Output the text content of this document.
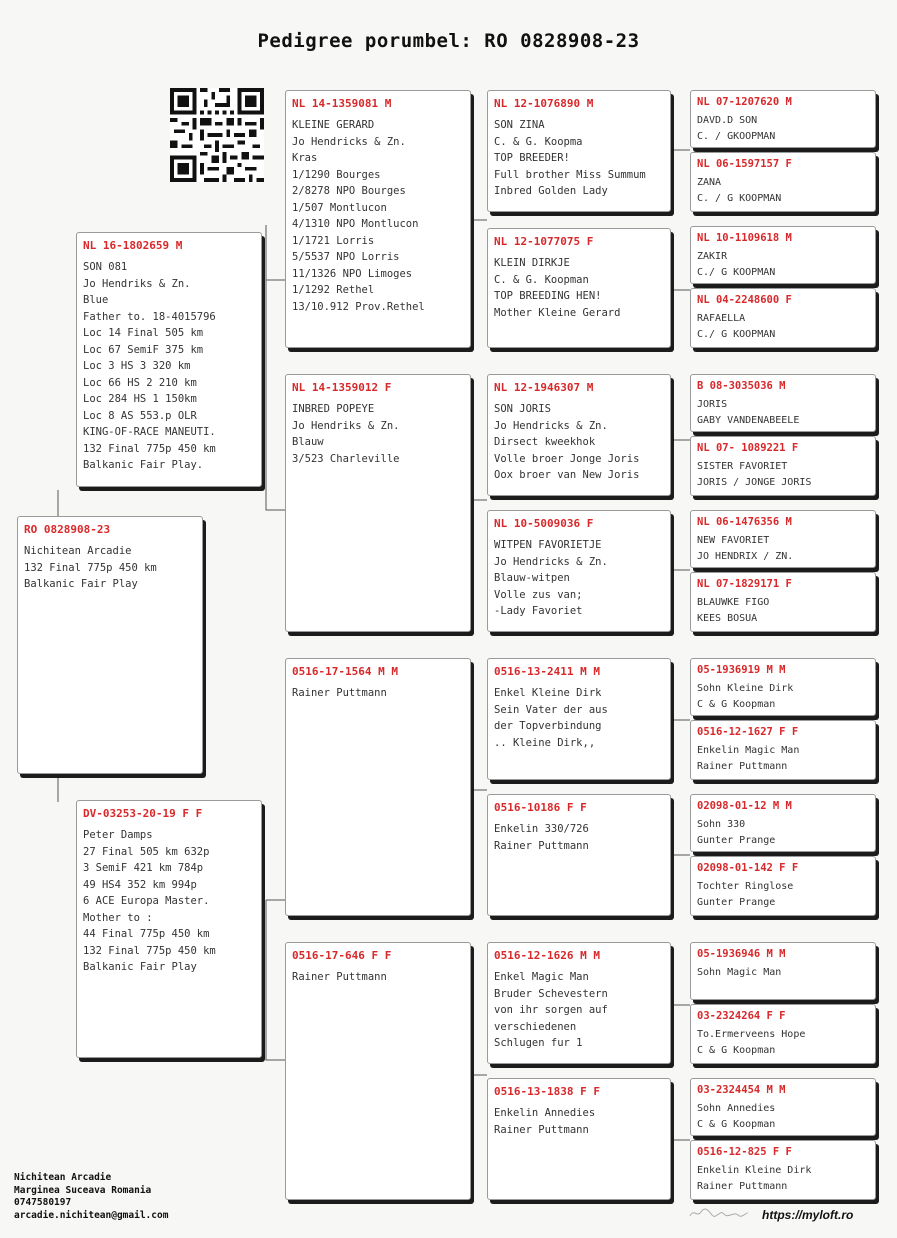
Pedigree porumbel: RO 0828908-23
RO 0828908-23
Nichitean Arcadie
132 Final 775p 450 km
Balkanic Fair Play
NL 16-1802659 M
SON 081
Jo Hendriks & Zn.
Blue
Father to. 18-4015796
Loc 14 Final 505 km
Loc 67 SemiF 375 km
Loc 3 HS 3 320 km
Loc 66 HS 2 210 km
Loc 284 HS 1 150km
Loc 8 AS 553.p OLR
KING-OF-RACE MANEUTI.
132 Final 775p 450 km
Balkanic Fair Play.
DV-03253-20-19 F F
Peter Damps
27 Final 505 km 632p
3 SemiF 421 km 784p
49 HS4 352 km 994p
6 ACE Europa Master.
Mother to :
44 Final 775p 450 km
132 Final 775p 450 km
Balkanic Fair Play
NL 14-1359081 M
KLEINE GERARD
Jo Hendricks & Zn.
Kras
1/1290 Bourges
2/8278 NPO Bourges
1/507 Montlucon
4/1310 NPO Montlucon
1/1721 Lorris
5/5537 NPO Lorris
11/1326 NPO Limoges
1/1292 Rethel
13/10.912 Prov.Rethel
NL 14-1359012 F
INBRED POPEYE
Jo Hendriks & Zn.
Blauw
3/523 Charleville
0516-17-1564 M M
Rainer Puttmann
0516-17-646 F F
Rainer Puttmann
NL 12-1076890 M
SON ZINA
C. & G. Koopma
TOP BREEDER!
Full brother Miss Summum
Inbred Golden Lady
NL 12-1077075 F
KLEIN DIRKJE
C. & G. Koopman
TOP BREEDING HEN!
Mother Kleine Gerard
NL 12-1946307 M
SON JORIS
Jo Hendricks & Zn.
Dirsect kweekhok
Volle broer Jonge Joris
Oox broer van New Joris
NL 10-5009036 F
WITPEN FAVORIETJE
Jo Hendricks & Zn.
Blauw-witpen
Volle zus van;
-Lady Favoriet
0516-13-2411 M M
Enkel Kleine Dirk
Sein Vater der aus
der Topverbindung
.. Kleine Dirk,,
0516-10186 F F
Enkelin 330/726
Rainer Puttmann
0516-12-1626 M M
Enkel Magic Man
Bruder Schevestern
von ihr sorgen auf
verschiedenen
Schlugen fur 1
0516-13-1838 F F
Enkelin Annedies
Rainer Puttmann
NL 07-1207620 M
DAVD.D SON
C. / GKOOPMAN
NL 06-1597157 F
ZANA
C. / G KOOPMAN
NL 10-1109618 M
ZAKIR
C./ G KOOPMAN
NL 04-2248600 F
RAFAELLA
C./ G KOOPMAN
B 08-3035036 M
JORIS
GABY VANDENABEELE
NL 07- 1089221 F
SISTER FAVORIET
JORIS / JONGE JORIS
NL 06-1476356 M
NEW FAVORIET
JO HENDRIX / ZN.
NL 07-1829171 F
BLAUWKE FIGO
KEES BOSUA
05-1936919 M M
Sohn Kleine Dirk
C & G Koopman
0516-12-1627 F F
Enkelin Magic Man
Rainer Puttmann
02098-01-12 M M
Sohn 330
Gunter Prange
02098-01-142 F F
Tochter Ringlose
Gunter Prange
05-1936946 M M
Sohn Magic Man
03-2324264 F F
To.Ermerveens Hope
C & G Koopman
03-2324454 M M
Sohn Annedies
C & G Koopman
0516-12-825 F F
Enkelin Kleine Dirk
Rainer Puttmann
Nichitean Arcadie
Marginea Suceava Romania
0747580197
arcadie.nichitean@gmail.com	https://myloft.ro
